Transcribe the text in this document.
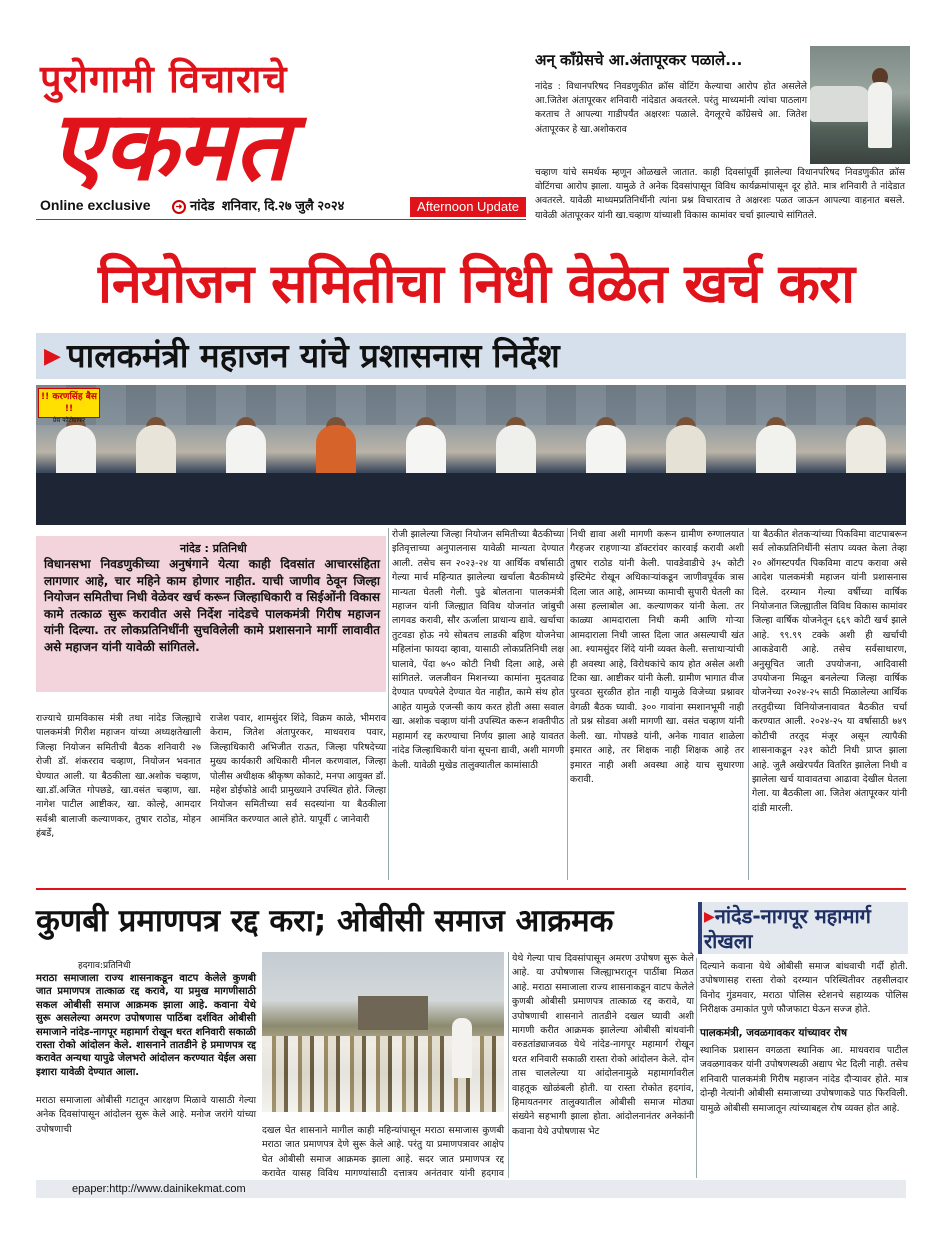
पुरोगामी विचाराचे
एकमत
Online exclusive	➜ नांदेड शनिवार, दि.२७ जुलै २०२४	Afternoon Update
अन् काँग्रेसचे आ.अंतापूरकर पळाले...
नांदेड : विधानपरिषद निवडणुकीत क्रॉस वोटिंग केल्याचा आरोप होत असलेले आ.जितेश अंतापूरकर शनिवारी नांदेडात अवतरले. परंतु माध्यमांनी त्यांचा पाठलाग करताच ते आपल्या गाडीपर्यंत अक्षरशः पळाले. देगलूरचे काँग्रेसचे आ. जितेश अंतापूरकर हे खा.अशोकराव
चव्हाण यांचे समर्थक म्हणून ओळखले जातात. काही दिवसांपूर्वी झालेल्या विधानपरिषद निवडणुकीत क्रॉस वोटिंगचा आरोप झाला. यामुळे ते अनेक दिवसांपासून विविध कार्यक्रमांपासून दूर होते. मात्र शनिवारी ते नांदेडात अवतरले. यावेळी माध्यमप्रतिनिधींनी त्यांना प्रश्न विचारताच ते अक्षरशः पळत जाऊन आपल्या वाहनात बसले. यावेळी अंतापूरकर यांनी खा.चव्हाण यांच्याशी विकास कामांवर चर्चा झाल्याचे सांगितले.
नियोजन समितीचा निधी वेळेत खर्च करा
▶ पालकमंत्री महाजन यांचे प्रशासनास निर्देश
!! करणसिंह बैस !!
प्रेस फोटोग्राफर
नांदेड : प्रतिनिधी
विधानसभा निवडणुकीच्या अनुषंगाने येत्या काही दिवसांत आचारसंहिता लागणार आहे, चार महिने काम होणार नाहीत. याची जाणीव ठेवून जिल्हा नियोजन समितीचा निधी वेळेवर खर्च करून जिल्हाधिकारी व सिईओंनी विकास कामे तत्काळ सुरू करावीत असे निर्देश नांदेडचे पालकमंत्री गिरीष महाजन यांनी दिल्या. तर लोकप्रतिनिधींनी सुचविलेली कामे प्रशासनाने मार्गी लावावीत असे महाजन यांनी यावेळी सांगितले.
राज्याचे ग्रामविकास मंत्री तथा नांदेड जिल्ह्याचे पालकमंत्री गिरीश महाजन यांच्या अध्यक्षतेखाली जिल्हा नियोजन समितीची बैठक शनिवारी २७ रोजी डॉ. शंकरराव चव्हाण, नियोजन भवनात घेण्यात आली. या बैठकीला खा.अशोक चव्हाण, खा.डॉ.अजित गोपछडे, खा.वसंत चव्हाण, खा. नागेश पाटील आष्टीकर, खा. कोल्हे, आमदार सर्वश्री बालाजी कल्याणकर, तुषार राठोड, मोहन हंबर्डे,
राजेश पवार, शामसुंदर शिंदे, विक्रम काळे, भीमराव केराम, जितेश अंतापुरकर, माधवराव पवार, जिल्हाधिकारी अभिजीत राऊत, जिल्हा परिषदेच्या मुख्य कार्यकारी अधिकारी मीनल करणवाल, जिल्हा पोलीस अधीक्षक श्रीकृष्ण कोकाटे, मनपा आयुक्त डॉ. महेश डोईफोडे आदी प्रामुख्याने उपस्थित होते. जिल्हा नियोजन समितीच्या सर्व सदस्यांना या बैठकीला आमंत्रित करण्यात आले होते. यापूर्वी ८ जानेवारी
रोजी झालेल्या जिल्हा नियोजन समितीच्या बैठकीच्या इतिवृत्ताच्या अनुपालनास यावेळी मान्यता देण्यात आली. तसेच सन २०२३-२४ या आर्थिक वर्षासाठी गेल्या मार्च महिन्यात झालेल्या खर्चाला बैठकीमध्ये मान्यता घेतली गेली. पुढे बोलताना पालकमंत्री महाजन यांनी जिल्ह्यात विविध योजनांत जांबुची लागवड करावी, सौर ऊर्जाला प्राधान्य द्यावे. खर्चाचा तुटवडा होऊ नये सोबतच लाडकी बहिण योजनेचा महिलांना फायदा व्हावा, यासाठी लोकप्रतिनिधी लक्ष घालावे, पेंदा ७५० कोटी निधी दिला आहे, असे सांगितले. जलजीवन मिशनच्या कामांना मुदतवाढ देण्यात पण्यपेले देण्यात येत नाहीत, कामे संथ होत आहेत यामुळे एजन्सी काय करत होती असा सवाल खा. अशोक चव्हाण यांनी उपस्थित करून शक्तीपीठ महामार्ग रद्द करण्याचा निर्णय झाला आहे यावतत नांदेड जिल्हाधिकारी यांना सूचना द्यावी, अशी मागणी केली. यावेळी मुखेड तालुक्यातील कामांसाठी
निधी द्यावा अशी मागणी करून ग्रामीण रुग्णालयात गैरहजर राहणाऱ्या डॉक्टरांवर कारवाई करावी अशी तुषार राठोड यांनी केली. पावडेवाडीचे ३५ कोटी इस्टिमेट रोखून अधिकाऱ्यांकडून जाणीवपूर्वक त्रास दिला जात आहे, आमच्या कामाची सुपारी घेतली का असा हल्लाबोल आ. कल्याणकर यांनी केला. तर काळ्या आमदाराला निधी कमी आणि गोऱ्या आमदाराला निधी जास्त दिला जात असल्याची खंत आ. श्यामसुंदर शिंदे यांनी व्यक्त केली. सत्ताधाऱ्यांची ही अवस्था आहे, विरोधकांचे काय होत असेल अशी टिका खा. आष्टीकर यांनी केली. ग्रामीण भागात वीज पुरवठा सुरळीत होत नाही यामुळे विजेच्या प्रश्नावर वेगळी बैठक घ्यावी. ३०० गावांना स्मशानभूमी नाही तो प्रश्न सोडवा अशी मागणी खा. वसंत चव्हाण यांनी केली. खा. गोपछडे यांनी, अनेक गावात शाळेला इमारत आहे, तर शिक्षक नाही शिक्षक आहे तर इमारत नाही अशी अवस्था आहे याच सुधारणा करावी.
या बैठकीत शेतकऱ्यांच्या पिकविमा वाटपाबरून सर्व लोकप्रतिनिधींनी संताप व्यक्त केला तेव्हा २० ऑगस्टपर्यंत पिकविमा वाटप करावा असे आदेश पालकमंत्री महाजन यांनी प्रशासनास दिले. दरम्यान गेल्या वर्षीच्या वार्षिक नियोजनात जिल्ह्यातील विविध विकास कामांवर जिल्हा वार्षिक योजनेतून ६६९ कोटी खर्च झाले आहे. ९९.९९ टक्के अशी ही खर्चाची आकडेवारी आहे. तसेच सर्वसाधारण, अनुसूचित जाती उपयोजना, आदिवासी उपयोजना मिळून बनलेल्या जिल्हा वार्षिक योजनेच्या २०२४-२५ साठी मिळालेल्या आर्थिक तरतुदीच्या विनियोजनावावत बैठकीत चर्चा करण्यात आली. २०२४-२५ या वर्षासाठी ७४९ कोटीची तरतूद मंजूर असून त्यापैकी शासनाकडून २३१ कोटी निधी प्राप्त झाला आहे. जुलै अखेरपर्यंत वितरित झालेला निधी व झालेला खर्च यावावतचा आढावा देखील घेतला गेला. या बैठकीला आ. जितेश अंतापूरकर यांनी दांडी मारली.
कुणबी प्रमाणपत्र रद्द करा; ओबीसी समाज आक्रमक	▶नांदेड-नागपूर महामार्ग रोखला
हदगाव:प्रतिनिधी
मराठा समाजाला राज्य शासनाकडून वाटप केलेले कुणबी जात प्रमाणपत्र तात्काळ रद्द करावे, या प्रमुख मागणीसाठी सकल ओबीसी समाज आक्रमक झाला आहे. कवाना येथे सुरू असलेल्या अमरण उपोषणास पाठिंबा दर्शवित ओबीसी समाजाने नांदेड-नागपूर महामार्ग रोखून धरत शनिवारी सकाळी रास्ता रोको आंदोलन केले. शासनाने तातडीने हे प्रमाणपत्र रद्द करावेत अन्यथा यापुढे जेलभरो आंदोलन करण्यात येईल असा इशारा यावेळी देण्यात आला.
मराठा समाजाला ओबीसी गटातून आरक्षण मिळावे यासाठी गेल्या अनेक दिवसांपासून आंदोलन सुरू केले आहे. मनोज जरांगे यांच्या उपोषणाची	दखल घेत शासनाने मागील काही महिन्यांपासून मराठा समाजास कुणबी मराठा जात प्रमाणपत्र देणे सुरू केले आहे. परंतु या प्रमाणपत्रावर आक्षेप घेत ओबीसी समाज आक्रमक झाला आहे. सदर जात प्रमाणपत्र रद्द करावेत यासह विविध मागण्यांसाठी दत्तात्रय अनंतवार यांनी हदगाव
येथे गेल्या पाच दिवसांपासून अमरण उपोषण सुरू केले आहे. या उपोषणास जिल्ह्याभरातून पाठींबा मिळत आहे. मराठा समाजाला राज्य शासनाकडून वाटप केलेले कुणबी ओबीसी प्रमाणपत्र तात्काळ रद्द करावे, या उपोषणाची शासनाने तातडीने दखल घ्यावी अशी मागणी करीत आक्रमक झालेल्या ओबीसी बांधवांनी वरुडतांड्याजवळ येथे नांदेड-नागपूर महामार्ग रोखून धरत शनिवारी सकाळी रास्ता रोको आंदोलन केले. दोन तास चाललेल्या या आंदोलनामुळे महामार्गावरील वाहतूक खोळंबली होती. या रास्ता रोकोत हदगांव, हिमायतनगर तालुक्यातील ओबीसी समाज मोठ्या संख्येने सहभागी झाला होता. आंदोलनानंतर अनेकांनी कवाना येथे उपोषणास भेट
दिल्याने कवाना येथे ओबीसी समाज बांधवाची गर्दी होती. उपोषणासह रास्ता रोको दरम्यान परिस्थितीवर तहसीलदार विनोद गुंडमवार, मराठा पोलिस स्टेशनचे सहाय्यक पोलिस निरीक्षक उमाकांत पुणे फौजफाटा घेऊन सज्ज होते.
पालकमंत्री, जवळगावकर यांच्यावर रोष
स्थानिक प्रशासन वगळता स्थानिक आ. माधवराव पाटील जवळगावकर यांनी उपोषणस्थळी अद्याप भेट दिली नाही. तसेच शनिवारी पालकमंत्री गिरीष महाजन नांदेड दौऱ्यावर होते. मात्र दोन्ही नेत्यांनी ओबीसी समाजाच्या उपोषणाकडे पाठ फिरविली. यामुळे ओबीसी समाजातून त्यांच्याबद्दल रोष व्यक्त होत आहे.
epaper:http://www.dainikekmat.com
